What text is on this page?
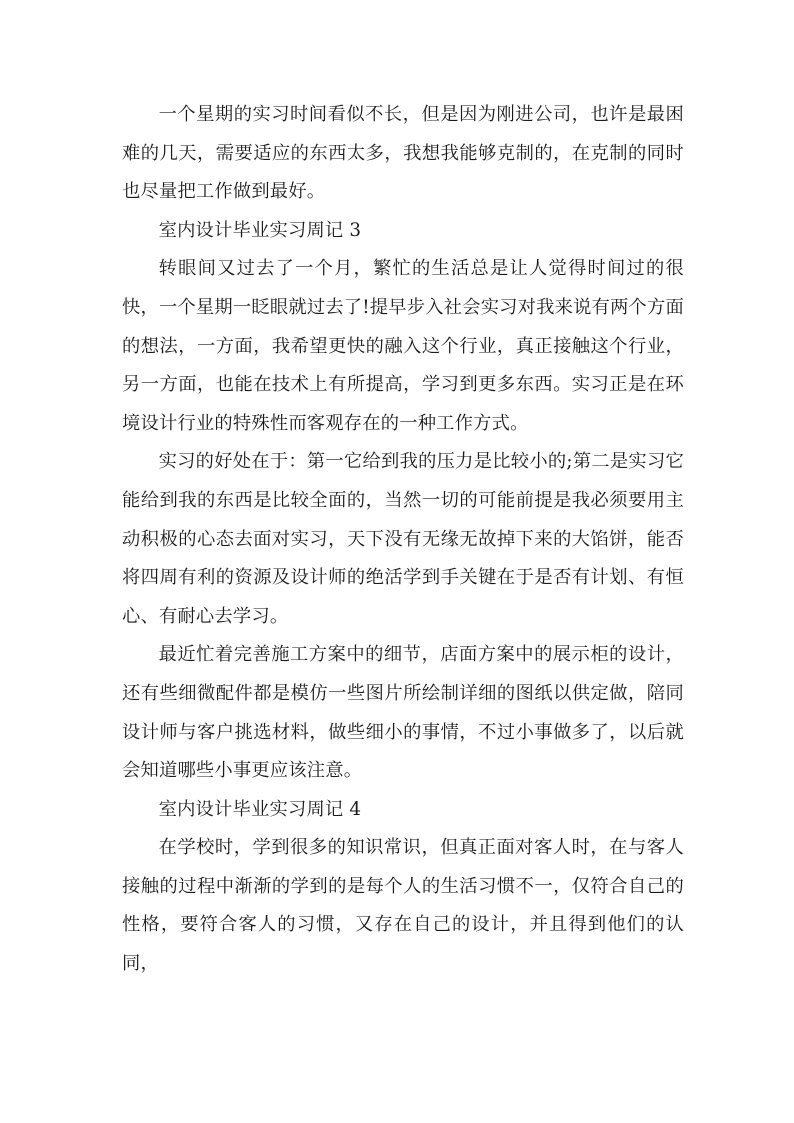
一个星期的实习时间看似不长，但是因为刚进公司，也许是最困难的几天，需要适应的东西太多，我想我能够克制的，在克制的同时也尽量把工作做到最好。

室内设计毕业实习周记 3

转眼间又过去了一个月，繁忙的生活总是让人觉得时间过的很快，一个星期一眨眼就过去了!提早步入社会实习对我来说有两个方面的想法，一方面，我希望更快的融入这个行业，真正接触这个行业，另一方面，也能在技术上有所提高，学习到更多东西。实习正是在环境设计行业的特殊性而客观存在的一种工作方式。

实习的好处在于：第一它给到我的压力是比较小的;第二是实习它能给到我的东西是比较全面的，当然一切的可能前提是我必须要用主动积极的心态去面对实习，天下没有无缘无故掉下来的大馅饼，能否将四周有利的资源及设计师的绝活学到手关键在于是否有计划、有恒心、有耐心去学习。

最近忙着完善施工方案中的细节，店面方案中的展示柜的设计，还有些细微配件都是模仿一些图片所绘制详细的图纸以供定做，陪同设计师与客户挑选材料，做些细小的事情，不过小事做多了，以后就会知道哪些小事更应该注意。

室内设计毕业实习周记 4

在学校时，学到很多的知识常识，但真正面对客人时，在与客人接触的过程中渐渐的学到的是每个人的生活习惯不一，仅符合自己的性格，要符合客人的习惯，又存在自己的设计，并且得到他们的认同，
